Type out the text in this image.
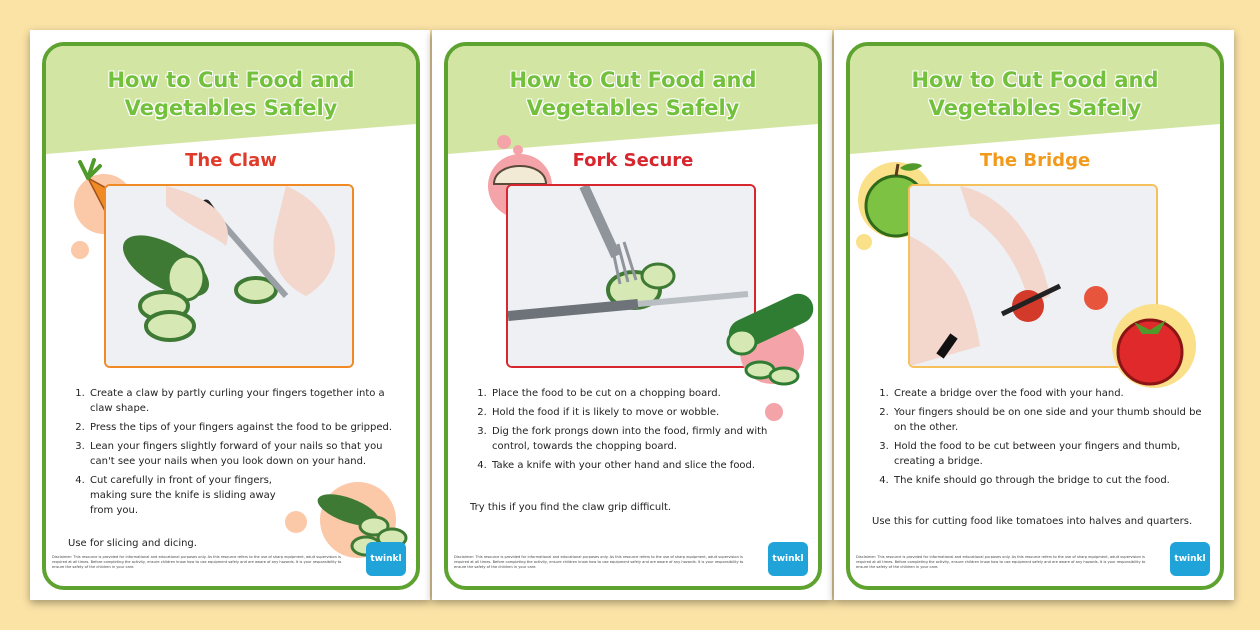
How to Cut Food and
Vegetables Safely
The Claw
1. Create a claw by partly curling your fingers together into a claw shape.
2. Press the tips of your fingers against the food to be gripped.
3. Lean your fingers slightly forward of your nails so that you can't see your nails when you look down on your hand.
4. Cut carefully in front of your fingers, making sure the knife is sliding away from you.
Use for slicing and dicing.
Disclaimer: This resource is provided for informational and educational purposes only. As this resource refers to the use of sharp equipment, adult supervision is required at all times. Before completing the activity, ensure children know how to use equipment safely and are aware of any hazards. It is your responsibility to ensure the safety of the children in your care.
twinkl
How to Cut Food and
Vegetables Safely
Fork Secure
1. Place the food to be cut on a chopping board.
2. Hold the food if it is likely to move or wobble.
3. Dig the fork prongs down into the food, firmly and with control, towards the chopping board.
4. Take a knife with your other hand and slice the food.
Try this if you find the claw grip difficult.
Disclaimer: This resource is provided for informational and educational purposes only. As this resource refers to the use of sharp equipment, adult supervision is required at all times. Before completing the activity, ensure children know how to use equipment safely and are aware of any hazards. It is your responsibility to ensure the safety of the children in your care.
twinkl
How to Cut Food and
Vegetables Safely
The Bridge
1. Create a bridge over the food with your hand.
2. Your fingers should be on one side and your thumb should be on the other.
3. Hold the food to be cut between your fingers and thumb, creating a bridge.
4. The knife should go through the bridge to cut the food.
Use this for cutting food like tomatoes into halves and quarters.
Disclaimer: This resource is provided for informational and educational purposes only. As this resource refers to the use of sharp equipment, adult supervision is required at all times. Before completing the activity, ensure children know how to use equipment safely and are aware of any hazards. It is your responsibility to ensure the safety of the children in your care.
twinkl
